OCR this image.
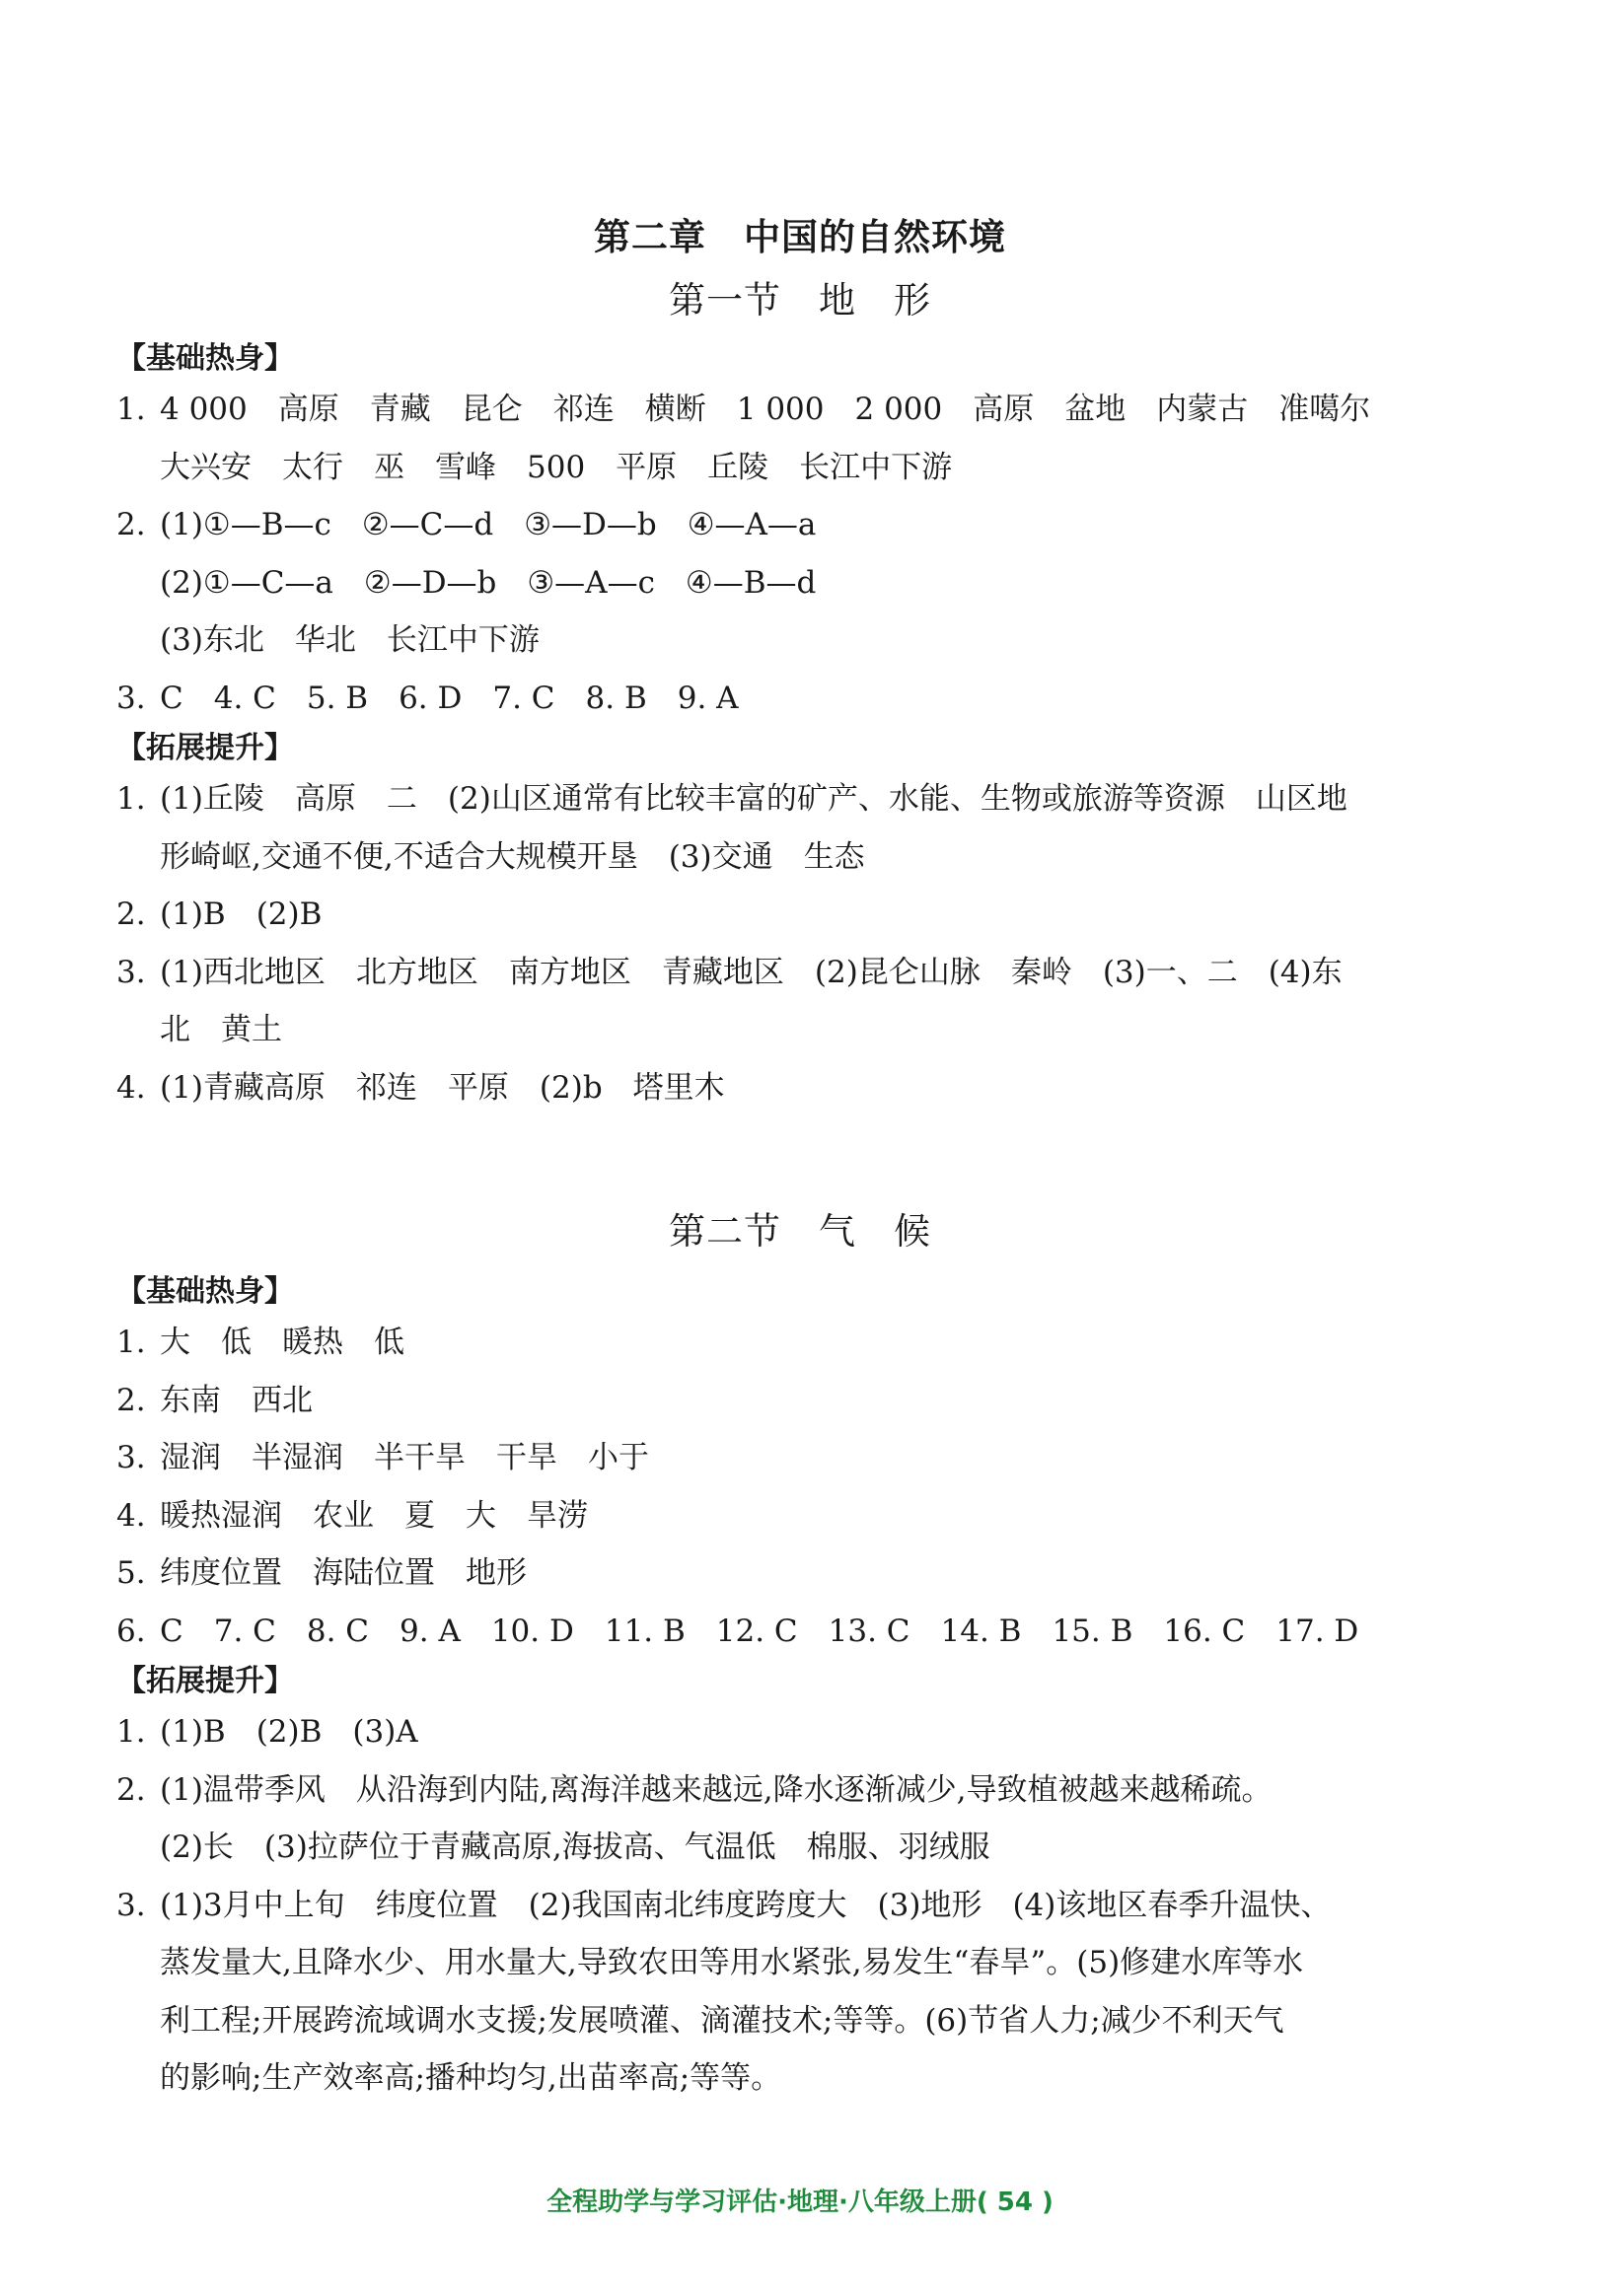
第二章　中国的自然环境
第一节　地　形
【基础热身】
1. 4 000　高原　青藏　昆仑　祁连　横断　1 000　2 000　高原　盆地　内蒙古　准噶尔
大兴安　太行　巫　雪峰　500　平原　丘陵　长江中下游
2. (1)①—B—c　②—C—d　③—D—b　④—A—a
(2)①—C—a　②—D—b　③—A—c　④—B—d
(3)东北　华北　长江中下游
3. C　4. C　5. B　6. D　7. C　8. B　9. A
【拓展提升】
1. (1)丘陵　高原　二　(2)山区通常有比较丰富的矿产、水能、生物或旅游等资源　山区地
形崎岖,交通不便,不适合大规模开垦　(3)交通　生态
2. (1)B　(2)B
3. (1)西北地区　北方地区　南方地区　青藏地区　(2)昆仑山脉　秦岭　(3)一、二　(4)东
北　黄土
4. (1)青藏高原　祁连　平原　(2)b　塔里木
第二节　气　候
【基础热身】
1. 大　低　暖热　低
2. 东南　西北
3. 湿润　半湿润　半干旱　干旱　小于
4. 暖热湿润　农业　夏　大　旱涝
5. 纬度位置　海陆位置　地形
6. C　7. C　8. C　9. A　10. D　11. B　12. C　13. C　14. B　15. B　16. C　17. D
【拓展提升】
1. (1)B　(2)B　(3)A
2. (1)温带季风　从沿海到内陆,离海洋越来越远,降水逐渐减少,导致植被越来越稀疏。
(2)长　(3)拉萨位于青藏高原,海拔高、气温低　棉服、羽绒服
3. (1)3月中上旬　纬度位置　(2)我国南北纬度跨度大　(3)地形　(4)该地区春季升温快、
蒸发量大,且降水少、用水量大,导致农田等用水紧张,易发生“春旱”。(5)修建水库等水
利工程;开展跨流域调水支援;发展喷灌、滴灌技术;等等。(6)节省人力;减少不利天气
的影响;生产效率高;播种均匀,出苗率高;等等。
全程助学与学习评估·地理·八年级上册( 54 )
